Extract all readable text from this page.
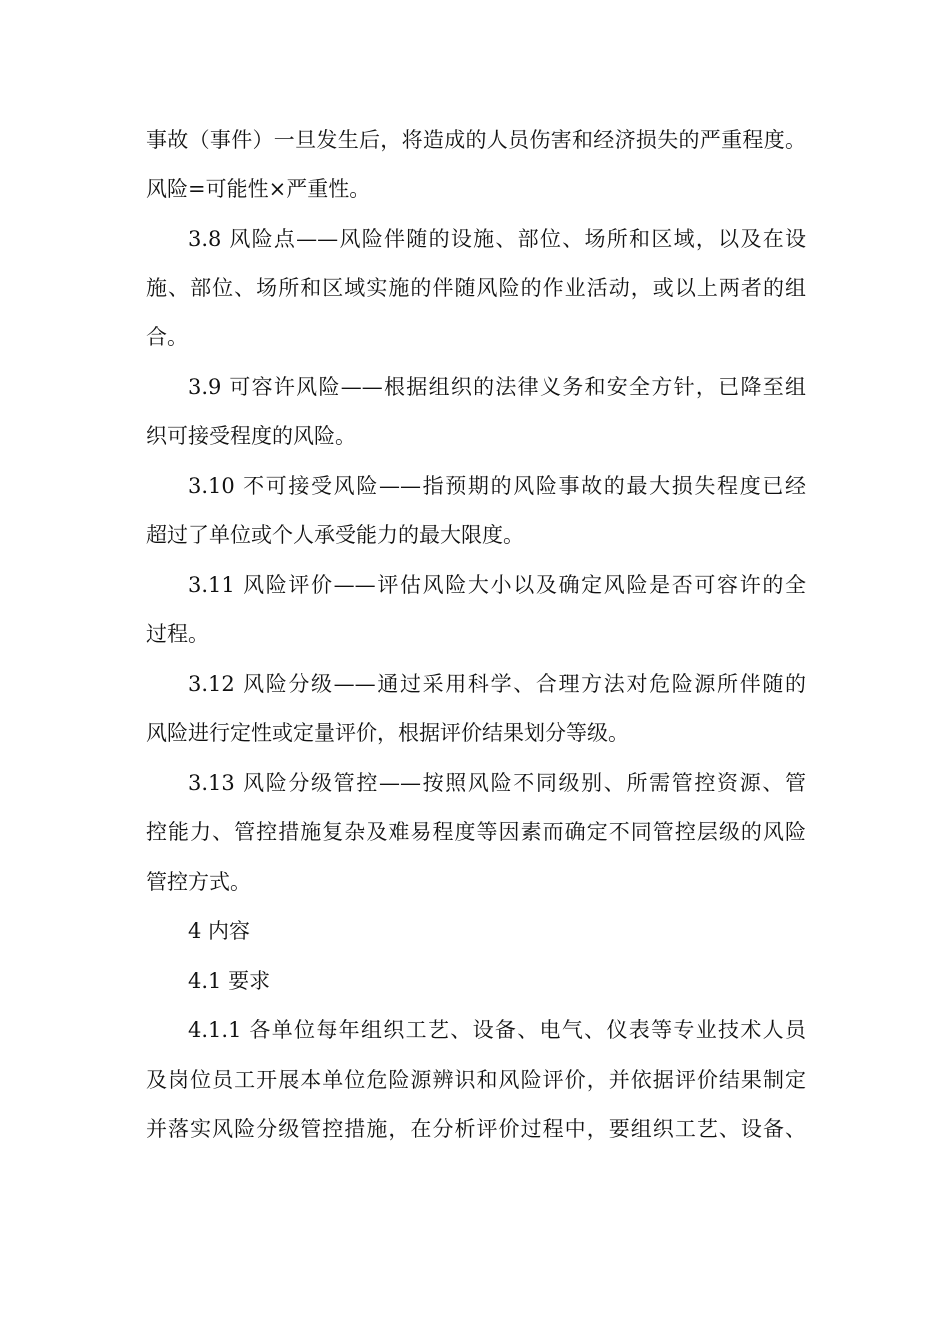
事故（事件）一旦发生后，将造成的人员伤害和经济损失的严重程度。
风险=可能性×严重性。
3.8 风险点——风险伴随的设施、部位、场所和区域，以及在设
施、部位、场所和区域实施的伴随风险的作业活动，或以上两者的组
合。
3.9 可容许风险——根据组织的法律义务和安全方针，已降至组
织可接受程度的风险。
3.10 不可接受风险——指预期的风险事故的最大损失程度已经
超过了单位或个人承受能力的最大限度。
3.11 风险评价——评估风险大小以及确定风险是否可容许的全
过程。
3.12 风险分级——通过采用科学、合理方法对危险源所伴随的
风险进行定性或定量评价，根据评价结果划分等级。
3.13 风险分级管控——按照风险不同级别、所需管控资源、管
控能力、管控措施复杂及难易程度等因素而确定不同管控层级的风险
管控方式。
4 内容
4.1 要求
4.1.1 各单位每年组织工艺、设备、电气、仪表等专业技术人员
及岗位员工开展本单位危险源辨识和风险评价，并依据评价结果制定
并落实风险分级管控措施，在分析评价过程中，要组织工艺、设备、
